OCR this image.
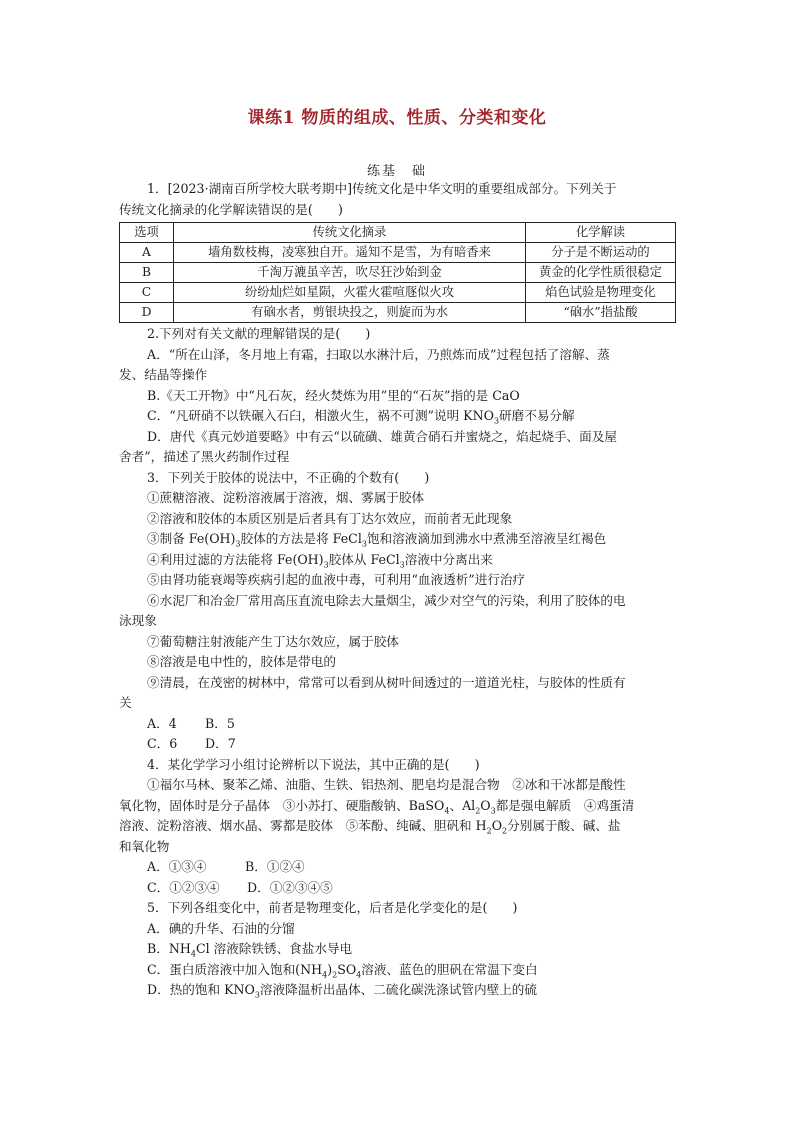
课练1 物质的组成、性质、分类和变化
练基　础

1．[2023·湖南百所学校大联考期中]传统文化是中华文明的重要组成部分。下列关于

传统文化摘录的化学解读错误的是(　　)

选项	传统文化摘录	化学解读
A	墙角数枝梅，凌寒独自开。遥知不是雪，为有暗香来	分子是不断运动的
B	千淘万漉虽辛苦，吹尽狂沙始到金	黄金的化学性质很稳定
C	纷纷灿烂如星陨，火霍火霍喧豗似火攻	焰色试验是物理变化
D	有硇水者，剪银块投之，则旋而为水	“硇水”指盐酸

2.下列对有关文献的理解错误的是(　　)

A．“所在山泽，冬月地上有霜，扫取以水淋汁后，乃煎炼而成”过程包括了溶解、蒸

发、结晶等操作

B.《天工开物》中“凡石灰，经火焚炼为用”里的“石灰”指的是 CaO

C．“凡研硝不以铁碾入石臼，相激火生，祸不可测”说明 $KNO_3$研磨不易分解

D．唐代《真元妙道要略》中有云“以硫磺、雄黄合硝石并蜜烧之，焰起烧手、面及屋

舍者”，描述了黑火药制作过程

3．下列关于胶体的说法中，不正确的个数有(　　)

①蔗糖溶液、淀粉溶液属于溶液，烟、雾属于胶体

②溶液和胶体的本质区别是后者具有丁达尔效应，而前者无此现象

③制备 $Fe(OH)_3$胶体的方法是将 FeCl$_3$饱和溶液滴加到沸水中煮沸至溶液呈红褐色

④利用过滤的方法能将 $Fe(OH)_3$胶体从 FeCl$_3$溶液中分离出来

⑤由肾功能衰竭等疾病引起的血液中毒，可利用“血液透析”进行治疗

⑥水泥厂和冶金厂常用高压直流电除去大量烟尘，减少对空气的污染，利用了胶体的电

泳现象

⑦葡萄糖注射液能产生丁达尔效应，属于胶体

⑧溶液是电中性的，胶体是带电的

⑨清晨，在茂密的树林中，常常可以看到从树叶间透过的一道道光柱，与胶体的性质有

关

A．4 B．5

C．6 D．7

4．某化学学习小组讨论辨析以下说法，其中正确的是(　　)

①福尔马林、聚苯乙烯、油脂、生铁、铝热剂、肥皂均是混合物　②冰和干冰都是酸性

氧化物，固体时是分子晶体　③小苏打、硬脂酸钠、BaSO$_4$、$Al_2O_3$都是强电解质　④鸡蛋清

溶液、淀粉溶液、烟水晶、雾都是胶体　⑤苯酚、纯碱、胆矾和 $H_2O_2$分别属于酸、碱、盐

和氧化物

A．①③④	B．①②④

C．①②③④ D．①②③④⑤

5．下列各组变化中，前者是物理变化，后者是化学变化的是(　　)

A．碘的升华、石油的分馏

B．$NH_4Cl$ 溶液除铁锈、食盐水导电

C．蛋白质溶液中加入饱和$(NH_4)_2SO_4$溶液、蓝色的胆矾在常温下变白

D．热的饱和 $KNO_3$溶液降温析出晶体、二硫化碳洗涤试管内壁上的硫
